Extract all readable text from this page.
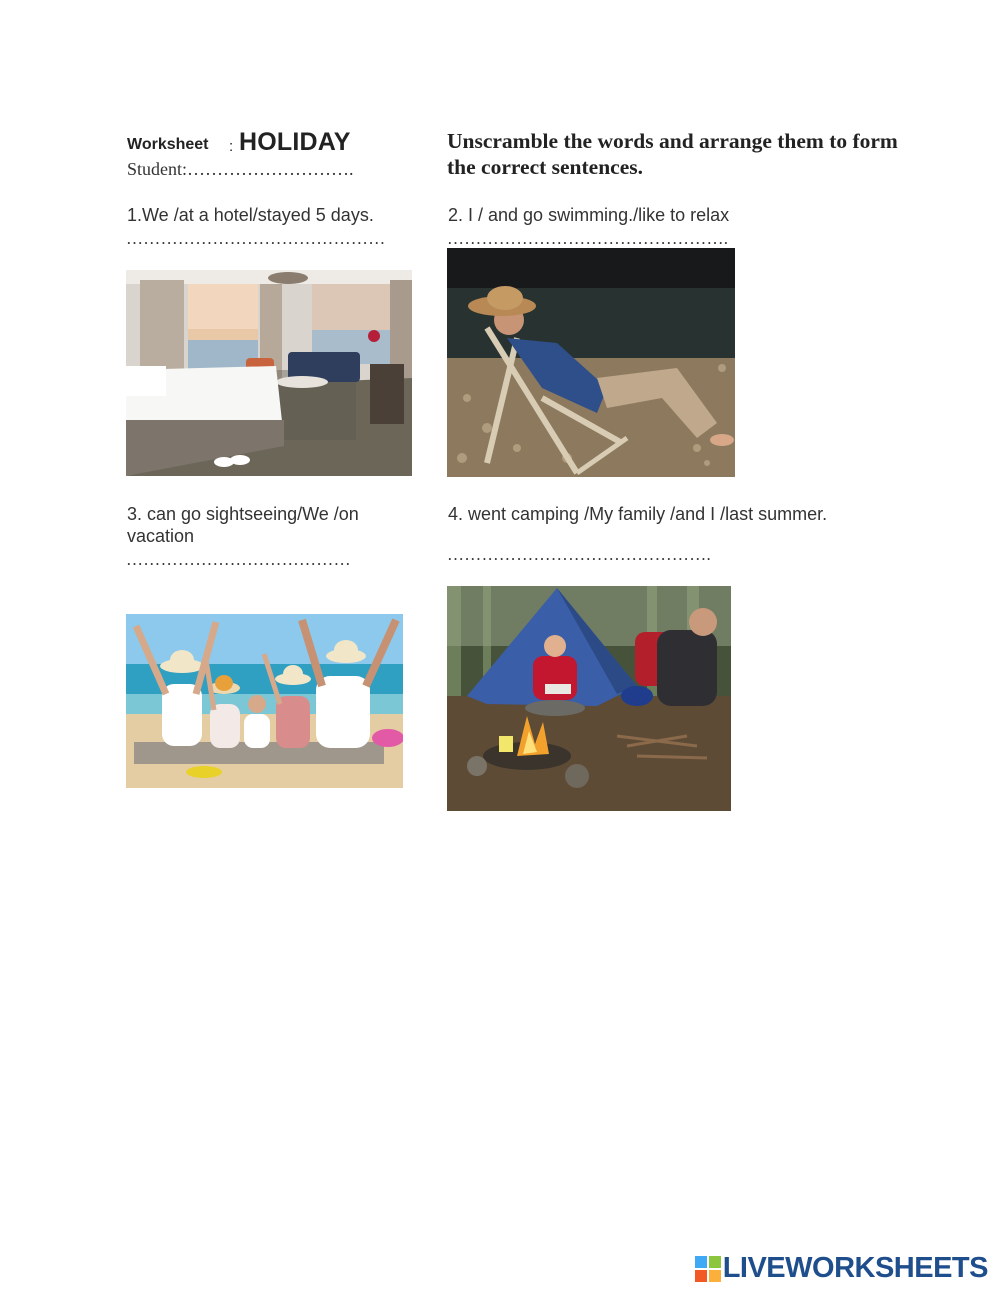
Worksheet : HOLIDAY
Student:……………………….
Unscramble the words and arrange them to form the correct sentences.
1.We /at a hotel/stayed 5 days.
………………………………………
2. I / and go swimming./like to relax
………………………………………….
3. can go sightseeing/We /on vacation
…………………………………
4. went camping /My family /and I /last summer.
……………………………………….
LIVEWORKSHEETS
